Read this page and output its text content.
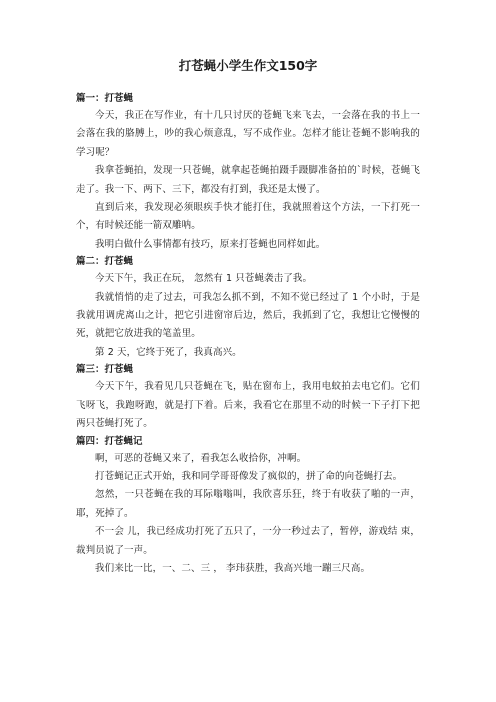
打苍蝇小学生作文150字
篇一：打苍蝇

今天，我正在写作业，有十几只讨厌的苍蝇飞来飞去，一会落在我的书上一会落在我的胳膊上，吵的我心烦意乱，写不成作业。怎样才能让苍蝇不影响我的学习呢？

我拿苍蝇拍，发现一只苍蝇，就拿起苍蝇拍蹑手蹑脚准备拍的`时候，苍蝇飞走了。我一下、两下、三下，都没有打到，我还是太慢了。

直到后来，我发现必须眼疾手快才能打住，我就照着这个方法，一下打死一个，有时候还能一箭双雕呐。

我明白做什么事情都有技巧，原来打苍蝇也同样如此。

篇二：打苍蝇

今天下午，我正在玩， 忽然有 1 只苍蝇袭击了我。

我就悄悄的走了过去，可我怎么抓不到，不知不觉已经过了 1 个小时，于是我就用调虎离山之计，把它引进窗帘后边，然后，我抓到了它，我想让它慢慢的死，就把它放进我的笔盖里。

第 2 天，它终于死了，我真高兴。

篇三：打苍蝇

今天下午，我看见几只苍蝇在飞，贴在窗布上，我用电蚊拍去电它们。它们飞呀飞，我跑呀跑，就是打下着。后来，我看它在那里不动的时候一下子打下把两只苍蝇打死了。

篇四：打苍蝇记

啊，可恶的苍蝇又来了，看我怎么收拾你，冲啊。

打苍蝇记正式开始，我和同学哥哥像发了疯似的，拼了命的向苍蝇打去。

忽然，一只苍蝇在我的耳际嗡嗡叫，我欣喜乐狂，终于有收获了啪的一声，耶，死掉了。

不一会 儿，我已经成功打死了五只了，一分一秒过去了，暂停，游戏结 束，裁判员说了一声。

我们来比一比，一、二、三 ， 李玮获胜，我高兴地一蹦三尺高。
